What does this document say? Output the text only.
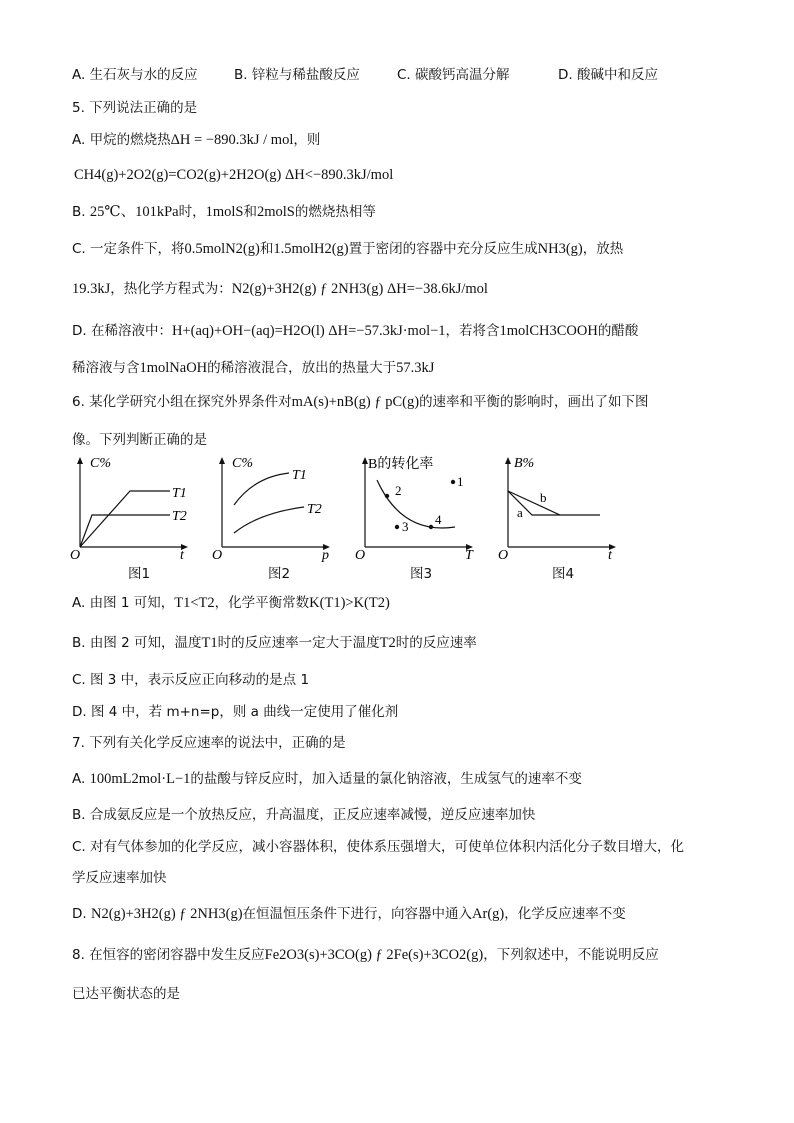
A. 生石灰与水的反应	B. 锌粒与稀盐酸反应	C. 碳酸钙高温分解	D. 酸碱中和反应
5. 下列说法正确的是
A. 甲烷的燃烧热ΔH = −890.3kJ / mol，则
CH4(g)+2O2(g)=CO2(g)+2H2O(g) ΔH<−890.3kJ/mol
B. 25℃、101kPa时，1molS和2molS的燃烧热相等
C. 一定条件下，将0.5molN2(g)和1.5molH2(g)置于密闭的容器中充分反应生成NH3(g)，放热
19.3kJ，热化学方程式为：N2(g)+3H2(g) ƒ 2NH3(g) ΔH=−38.6kJ/mol
D. 在稀溶液中：H+(aq)+OH−(aq)=H2O(l) ΔH=−57.3kJ·mol−1，若将含1molCH3COOH的醋酸
稀溶液与含1molNaOH的稀溶液混合，放出的热量大于57.3kJ
6. 某化学研究小组在探究外界条件对mA(s)+nB(g) ƒ pC(g)的速率和平衡的影响时，画出了如下图
像。下列判断正确的是
C%
O	t
T1
T2
图1
C%
O	p
T1
T2
图2
B的转化率
O	T
1
2
3 4
图3
B%
O	t
b
a
图4
A. 由图 1 可知，T1<T2，化学平衡常数K(T1)>K(T2)
B. 由图 2 可知，温度T1时的反应速率一定大于温度T2时的反应速率
C. 图 3 中，表示反应正向移动的是点 1
D. 图 4 中，若 m+n=p，则 a 曲线一定使用了催化剂
7. 下列有关化学反应速率的说法中，正确的是
A. 100mL2mol·L−1的盐酸与锌反应时，加入适量的氯化钠溶液，生成氢气的速率不变
B. 合成氨反应是一个放热反应，升高温度，正反应速率减慢，逆反应速率加快
C. 对有气体参加的化学反应，减小容器体积，使体系压强增大，可使单位体积内活化分子数目增大，化
学反应速率加快
D. N2(g)+3H2(g) ƒ 2NH3(g)在恒温恒压条件下进行，向容器中通入Ar(g)，化学反应速率不变
8. 在恒容的密闭容器中发生反应Fe2O3(s)+3CO(g) ƒ 2Fe(s)+3CO2(g)，下列叙述中，不能说明反应
已达平衡状态的是
